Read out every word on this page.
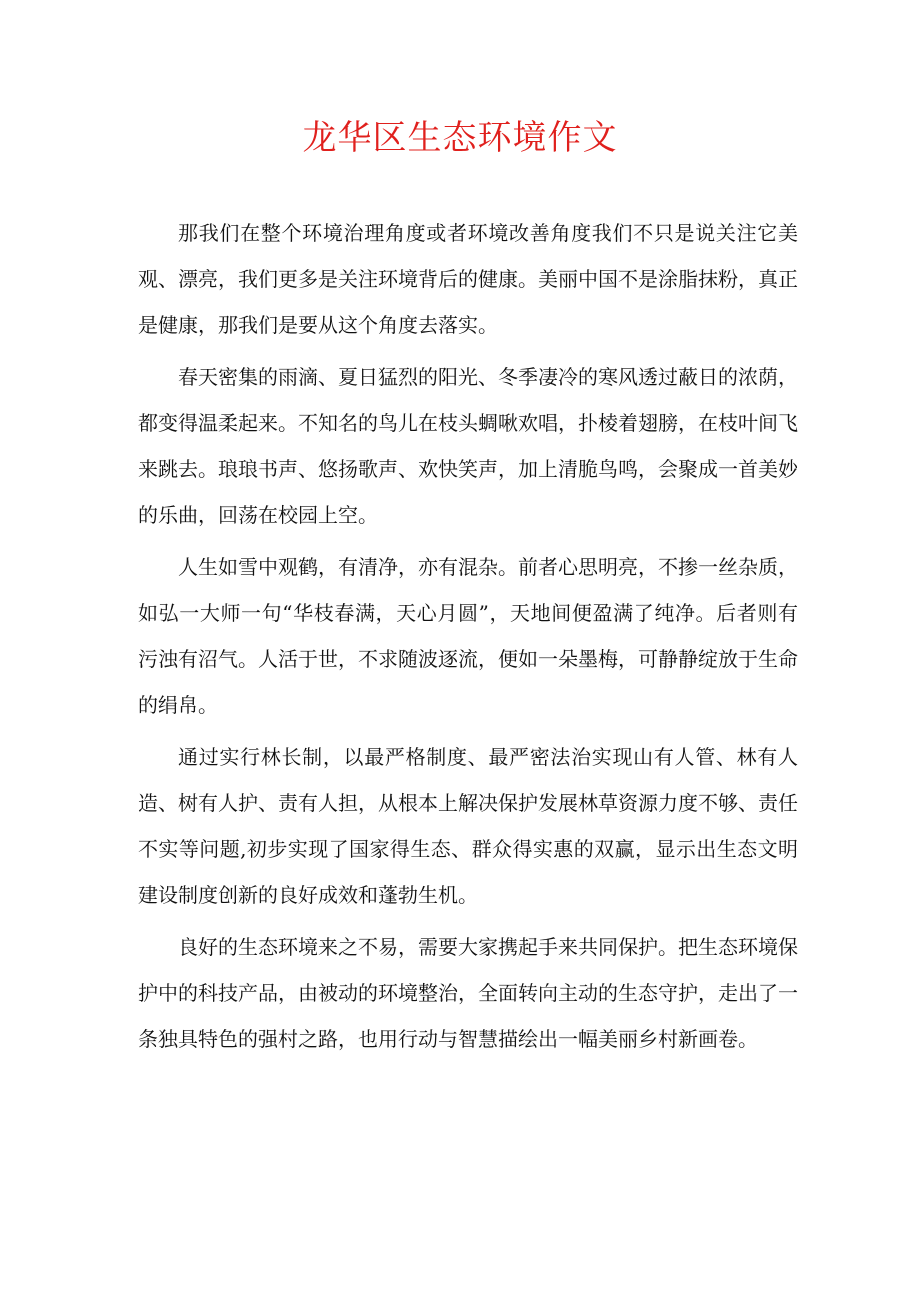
龙华区生态环境作文

那我们在整个环境治理角度或者环境改善角度我们不只是说关注它美观、漂亮，我们更多是关注环境背后的健康。美丽中国不是涂脂抹粉，真正是健康，那我们是要从这个角度去落实。

春天密集的雨滴、夏日猛烈的阳光、冬季凄冷的寒风透过蔽日的浓荫，都变得温柔起来。不知名的鸟儿在枝头蜩啾欢唱，扑棱着翅膀，在枝叶间飞来跳去。琅琅书声、悠扬歌声、欢快笑声，加上清脆鸟鸣，会聚成一首美妙的乐曲，回荡在校园上空。

人生如雪中观鹤，有清净，亦有混杂。前者心思明亮，不掺一丝杂质，如弘一大师一句“华枝春满，天心月圆”，天地间便盈满了纯净。后者则有污浊有沼气。人活于世，不求随波逐流，便如一朵墨梅，可静静绽放于生命的绢帛。

通过实行林长制，以最严格制度、最严密法治实现山有人管、林有人造、树有人护、责有人担，从根本上解决保护发展林草资源力度不够、责任不实等问题,初步实现了国家得生态、群众得实惠的双赢，显示出生态文明建设制度创新的良好成效和蓬勃生机。

良好的生态环境来之不易，需要大家携起手来共同保护。把生态环境保护中的科技产品，由被动的环境整治，全面转向主动的生态守护，走出了一条独具特色的强村之路，也用行动与智慧描绘出一幅美丽乡村新画卷。
